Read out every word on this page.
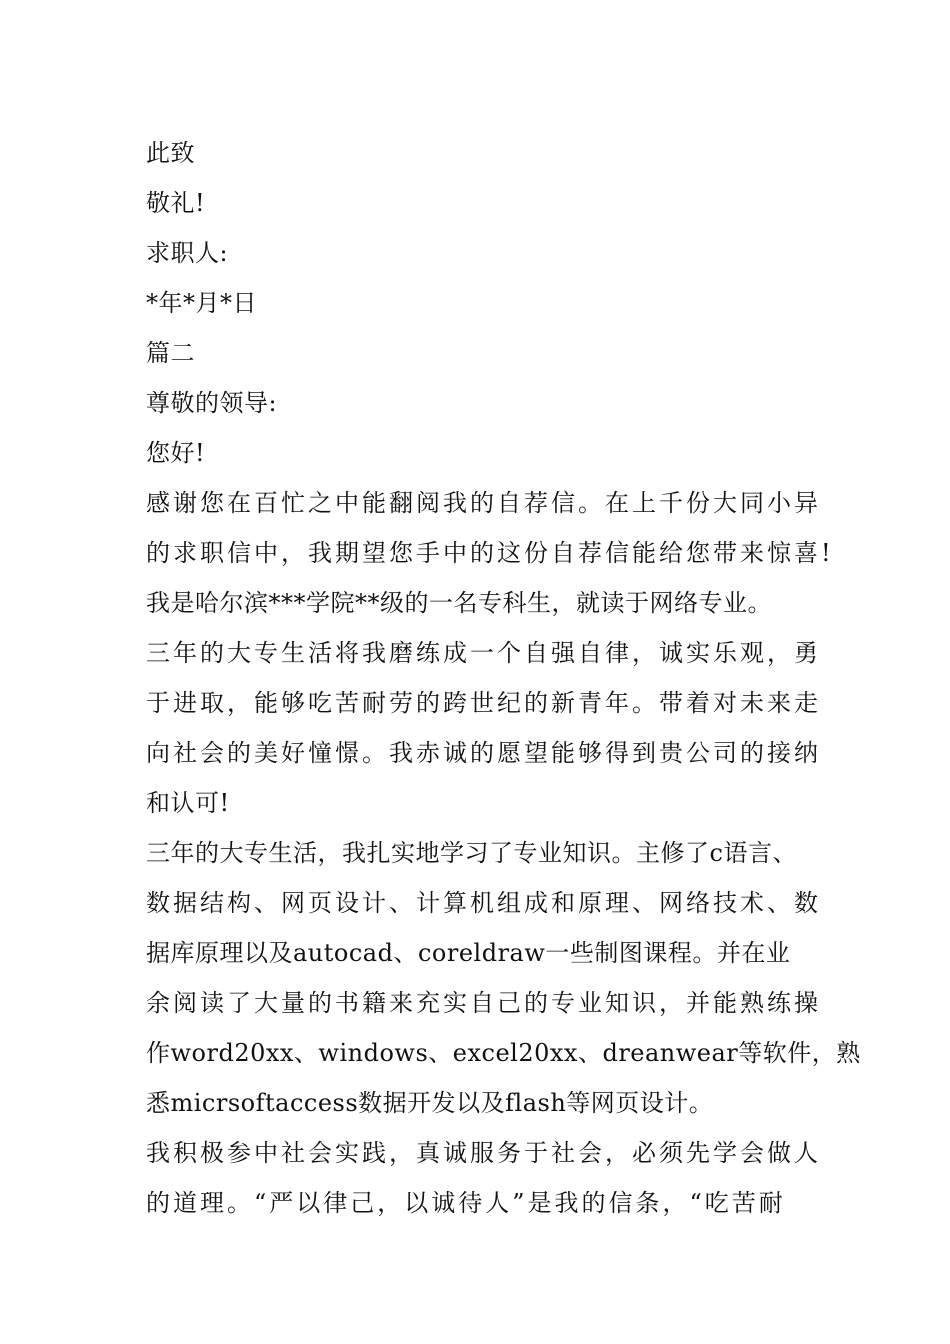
此致
敬礼!
求职人:
*年*月*日
篇二
尊敬的领导:
您好!
感谢您在百忙之中能翻阅我的自荐信。在上千份大同小异
的求职信中，我期望您手中的这份自荐信能给您带来惊喜!
我是哈尔滨***学院**级的一名专科生，就读于网络专业。
三年的大专生活将我磨练成一个自强自律，诚实乐观，勇
于进取，能够吃苦耐劳的跨世纪的新青年。带着对未来走
向社会的美好憧憬。我赤诚的愿望能够得到贵公司的接纳
和认可!
三年的大专生活，我扎实地学习了专业知识。主修了c语言、
数据结构、网页设计、计算机组成和原理、网络技术、数
据库原理以及autocad、coreldraw一些制图课程。并在业
余阅读了大量的书籍来充实自己的专业知识，并能熟练操
作word20xx、windows、excel20xx、dreanwear等软件，熟
悉micrsoftaccess数据开发以及flash等网页设计。
我积极参中社会实践，真诚服务于社会，必须先学会做人
的道理。“严以律己，以诚待人”是我的信条，“吃苦耐
